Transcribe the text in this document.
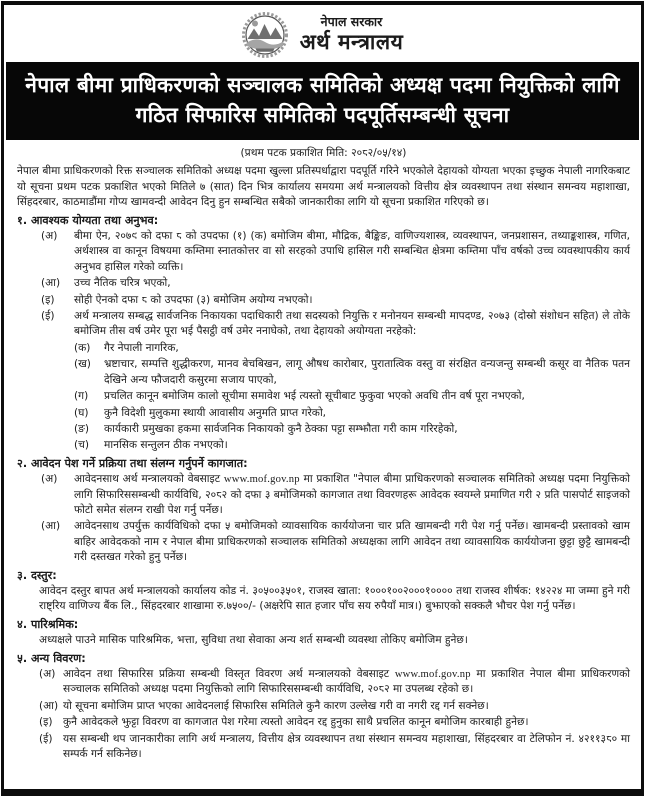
नेपाल सरकार
अर्थ मन्त्रालय
नेपाल बीमा प्राधिकरणको सञ्चालक समितिको अध्यक्ष पदमा नियुक्तिको लागि
गठित सिफारिस समितिको पदपूर्तिसम्बन्धी सूचना
(प्रथम पटक प्रकाशित मिति: २०८२/०५/१४)

नेपाल बीमा प्राधिकरणको रिक्त सञ्चालक समितिको अध्यक्ष पदमा खुल्ला प्रतिस्पर्धाद्वारा पदपूर्ति गरिने भएकोले देहायको योग्यता भएका इच्छुक नेपाली नागरिकबाट यो सूचना प्रथम पटक प्रकाशित भएको मितिले ७ (सात) दिन भित्र कार्यालय समयमा अर्थ मन्त्रालयको वित्तीय क्षेत्र व्यवस्थापन तथा संस्थान समन्वय महाशाखा, सिंहदरबार, काठमाडौंमा गोप्य खामवन्दी आवेदन दिनु हुन सम्बन्धित सबैको जानकारीका लागि यो सूचना प्रकाशित गरिएको छ।

१. आवश्यक योग्यता तथा अनुभव:
(अ)	बीमा ऐन, २०७९ को दफा ८ को उपदफा (१) (क) बमोजिम बीमा, मौद्रिक, बैङ्किङ, वाणिज्यशास्त्र, व्यवस्थापन, जनप्रशासन, तथ्याङ्कशास्त्र, गणित, अर्थशास्त्र वा कानून विषयमा कम्तिमा स्नातकोत्तर वा सो सरहको उपाधि हासिल गरी सम्बन्धित क्षेत्रमा कम्तिमा पाँच वर्षको उच्च व्यवस्थापकीय कार्य अनुभव हासिल गरेको व्यक्ति।
(आ)	उच्च नैतिक चरित्र भएको,
(इ)	सोही ऐनको दफा ८ को उपदफा (३) बमोजिम अयोग्य नभएको।
(ई)	अर्थ मन्त्रालय सम्बद्ध सार्वजनिक निकायका पदाधिकारी तथा सदस्यको नियुक्ति र मनोनयन सम्बन्धी मापदण्ड, २०७३ (दोस्रो संशोधन सहित) ले तोके बमोजिम तीस वर्ष उमेर पूरा भई पैसट्ठी वर्ष उमेर ननाघेको, तथा देहायको अयोग्यता नरहेको:
(क)	गैर नेपाली नागरिक,
(ख)	भ्रष्टाचार, सम्पत्ति शुद्धीकरण, मानव बेचबिखन, लागू औषध कारोबार, पुरातात्विक वस्तु वा संरक्षित वन्यजन्तु सम्बन्धी कसूर वा नैतिक पतन देखिने अन्य फौजदारी कसुरमा सजाय पाएको,
(ग)	प्रचलित कानून बमोजिम कालो सूचीमा समावेश भई त्यस्तो सूचीबाट फुकुवा भएको अवधि तीन वर्ष पूरा नभएको,
(घ)	कुनै विदेशी मुलुकमा स्थायी आवासीय अनुमति प्राप्त गरेको,
(ङ)	कार्यकारी प्रमुखका हकमा सार्वजनिक निकायको कुनै ठेक्का पट्टा सम्झौता गरी काम गरिरहेको,
(च)	मानसिक सन्तुलन ठीक नभएको।
२. आवेदन पेश गर्ने प्रक्रिया तथा संलग्न गर्नुपर्ने कागजात:
(अ)	आवेदनसाथ अर्थ मन्त्रालयको वेबसाइट www.mof.gov.np मा प्रकाशित "नेपाल बीमा प्राधिकरणको सञ्चालक समितिको अध्यक्ष पदमा नियुक्तिको लागि सिफारिससम्बन्धी कार्यविधि, २०८२ को दफा ३ बमोजिमको कागजात तथा विवरणहरू आवेदक स्वयम्ले प्रमाणित गरी २ प्रति पासपोर्ट साइजको फोटो समेत संलग्न राखी पेश गर्नु पर्नेछ।
(आ)	आवेदनसाथ उपर्युक्त कार्यविधिको दफा ५ बमोजिमको व्यावसायिक कार्ययोजना चार प्रति खामबन्दी गरी पेश गर्नु पर्नेछ। खामबन्दी प्रस्तावको खाम बाहिर आवेदकको नाम र नेपाल बीमा प्राधिकरणको सञ्चालक समितिको अध्यक्षका लागि आवेदन तथा व्यावसायिक कार्ययोजना छुट्टा छुट्टै खामबन्दी गरी दस्तखत गरेको हुनु पर्नेछ।
३. दस्तुर:
आवेदन दस्तुर बापत अर्थ मन्त्रालयको कार्यालय कोड नं. ३०५००३५०१, राजस्व खाता: १०००१००२०००१०००० तथा राजस्व शीर्षक: १४२२४ मा जम्मा हुने गरी राष्ट्रिय वाणिज्य बैंक लि., सिंहदरबार शाखामा रु.७५००/- (अक्षरेपि सात हजार पाँच सय रुपैयाँ मात्र।) बुझाएको सक्कलै भौचर पेश गर्नु पर्नेछ।
४. पारिश्रमिक:
अध्यक्षले पाउने मासिक पारिश्रमिक, भत्ता, सुविधा तथा सेवाका अन्य शर्त सम्बन्धी व्यवस्था तोकिए बमोजिम हुनेछ।
५. अन्य विवरण:
(अ) आवेदन तथा सिफारिस प्रक्रिया सम्बन्धी विस्तृत विवरण अर्थ मन्त्रालयको वेबसाइट www.mof.gov.np मा प्रकाशित नेपाल बीमा प्राधिकरणको सञ्चालक समितिको अध्यक्ष पदमा नियुक्तिको लागि सिफारिससम्बन्धी कार्यविधि, २०८२ मा उपलब्ध रहेको छ।
(आ) यो सूचना बमोजिम प्राप्त भएका आवेदनलाई सिफारिस समितिले कुनै कारण उल्लेख गरी वा नगरी रद्द गर्न सक्नेछ।
(इ) कुनै आवेदकले झुट्टा विवरण वा कागजात पेश गरेमा त्यस्तो आवेदन रद्द हुनुका साथै प्रचलित कानून बमोजिम कारबाही हुनेछ।
(ई) यस सम्बन्धी थप जानकारीका लागि अर्थ मन्त्रालय, वित्तीय क्षेत्र व्यवस्थापन तथा संस्थान समन्वय महाशाखा, सिंहदरबार वा टेलिफोन नं. ४२११३८० मा सम्पर्क गर्न सकिनेछ।
